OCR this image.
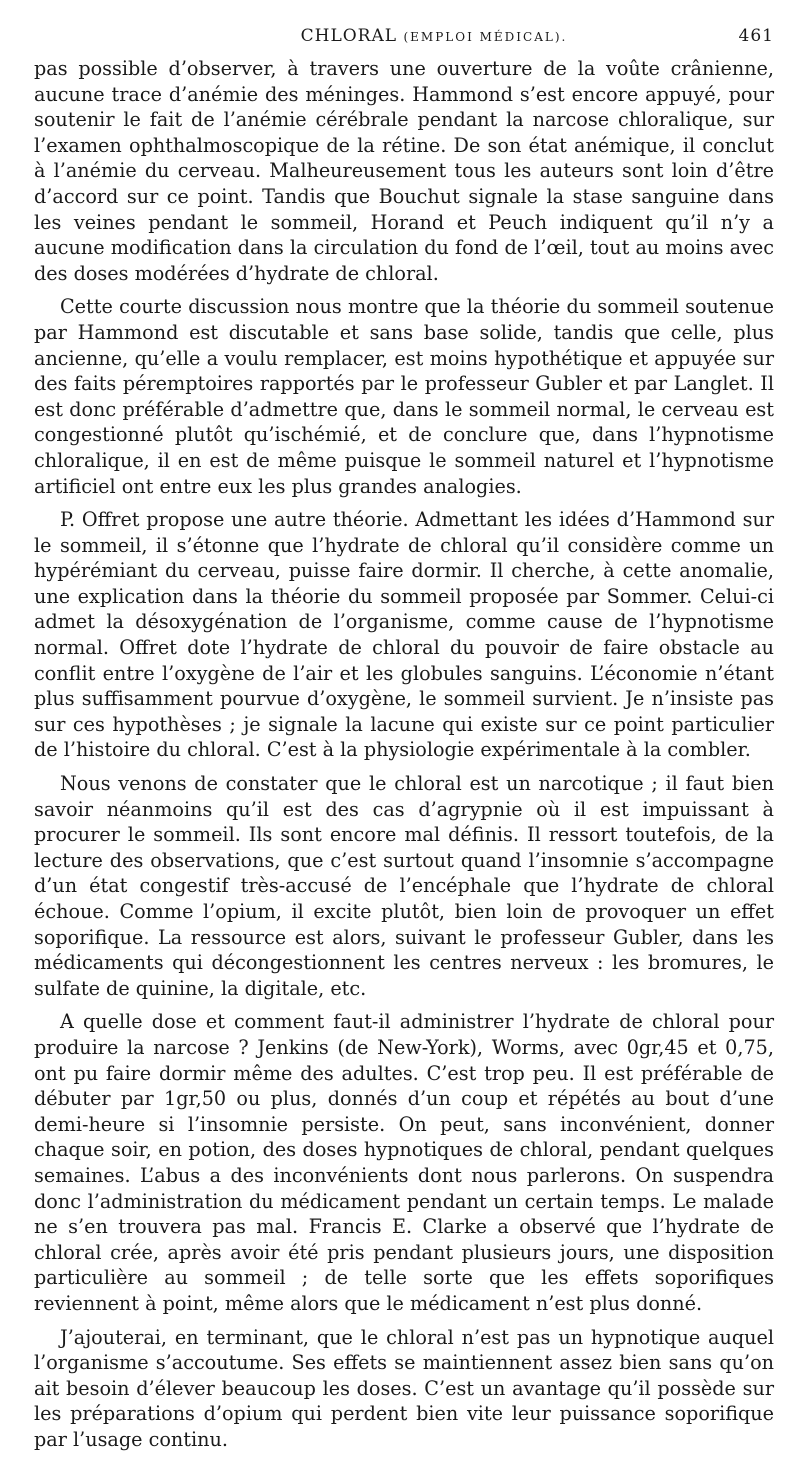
CHLORAL (EMPLOI MÉDICAL).	461

pas possible d’observer, à travers une ouverture de la voûte crânienne, aucune trace d’anémie des méninges. Hammond s’est encore appuyé, pour soutenir le fait de l’anémie cérébrale pendant la narcose chloralique, sur l’examen ophthalmoscopique de la rétine. De son état anémique, il conclut à l’anémie du cerveau. Malheureusement tous les auteurs sont loin d’être d’accord sur ce point. Tandis que Bouchut signale la stase sanguine dans les veines pendant le sommeil, Horand et Peuch indiquent qu’il n’y a aucune modification dans la circulation du fond de l’œil, tout au moins avec des doses modérées d’hydrate de chloral.

Cette courte discussion nous montre que la théorie du sommeil soutenue par Hammond est discutable et sans base solide, tandis que celle, plus ancienne, qu’elle a voulu remplacer, est moins hypothétique et appuyée sur des faits péremptoires rapportés par le professeur Gubler et par Langlet. Il est donc préférable d’admettre que, dans le sommeil normal, le cerveau est congestionné plutôt qu’ischémié, et de conclure que, dans l’hypnotisme chloralique, il en est de même puisque le sommeil naturel et l’hypnotisme artificiel ont entre eux les plus grandes analogies.

P. Offret propose une autre théorie. Admettant les idées d’Hammond sur le sommeil, il s’étonne que l’hydrate de chloral qu’il considère comme un hypérémiant du cerveau, puisse faire dormir. Il cherche, à cette anomalie, une explication dans la théorie du sommeil proposée par Sommer. Celui-ci admet la désoxygénation de l’organisme, comme cause de l’hypnotisme normal. Offret dote l’hydrate de chloral du pouvoir de faire obstacle au conflit entre l’oxygène de l’air et les globules sanguins. L’économie n’étant plus suffisamment pourvue d’oxygène, le sommeil survient. Je n’insiste pas sur ces hypothèses ; je signale la lacune qui existe sur ce point particulier de l’histoire du chloral. C’est à la physiologie expérimentale à la combler.

Nous venons de constater que le chloral est un narcotique ; il faut bien savoir néanmoins qu’il est des cas d’agrypnie où il est impuissant à procurer le sommeil. Ils sont encore mal définis. Il ressort toutefois, de la lecture des observations, que c’est surtout quand l’insomnie s’accompagne d’un état congestif très-accusé de l’encéphale que l’hydrate de chloral échoue. Comme l’opium, il excite plutôt, bien loin de provoquer un effet soporifique. La ressource est alors, suivant le professeur Gubler, dans les médicaments qui décongestionnent les centres nerveux : les bromures, le sulfate de quinine, la digitale, etc.

A quelle dose et comment faut-il administrer l’hydrate de chloral pour produire la narcose ? Jenkins (de New-York), Worms, avec 0gr,45 et 0,75, ont pu faire dormir même des adultes. C’est trop peu. Il est préférable de débuter par 1gr,50 ou plus, donnés d’un coup et répétés au bout d’une demi-heure si l’insomnie persiste. On peut, sans inconvénient, donner chaque soir, en potion, des doses hypnotiques de chloral, pendant quelques semaines. L’abus a des inconvénients dont nous parlerons. On suspendra donc l’administration du médicament pendant un certain temps. Le malade ne s’en trouvera pas mal. Francis E. Clarke a observé que l’hydrate de chloral crée, après avoir été pris pendant plusieurs jours, une disposition particulière au sommeil ; de telle sorte que les effets soporifiques reviennent à point, même alors que le médicament n’est plus donné.

J’ajouterai, en terminant, que le chloral n’est pas un hypnotique auquel l’organisme s’accoutume. Ses effets se maintiennent assez bien sans qu’on ait besoin d’élever beaucoup les doses. C’est un avantage qu’il possède sur les préparations d’opium qui perdent bien vite leur puissance soporifique par l’usage continu.
